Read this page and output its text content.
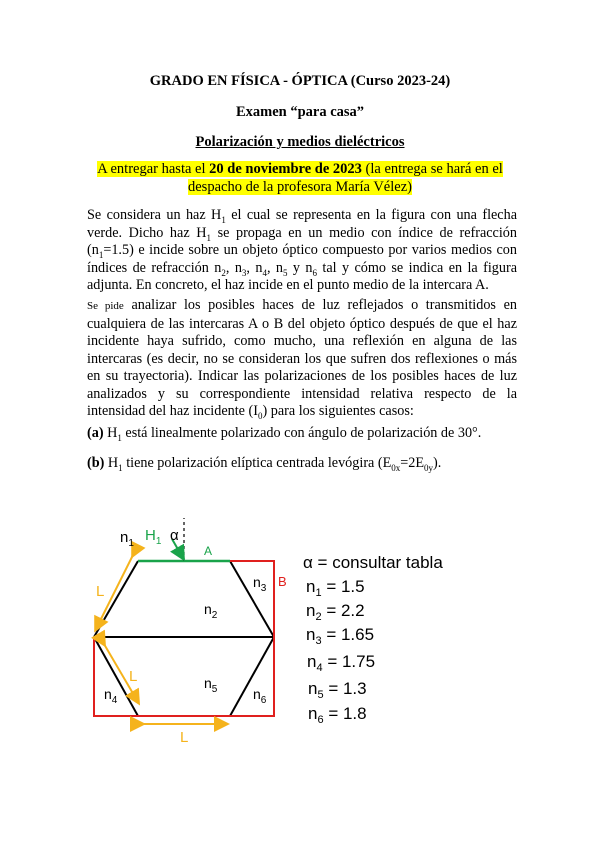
GRADO EN FÍSICA - ÓPTICA (Curso 2023-24)
Examen “para casa”
Polarización y medios dieléctricos
A entregar hasta el 20 de noviembre de 2023 (la entrega se hará en el
despacho de la profesora María Vélez)
Se considera un haz $H_1$ el cual se representa en la figura con una flecha verde. Dicho haz $H_1$ se propaga en un medio con índice de refracción $(n_1=1.5)$ e incide sobre un objeto óptico compuesto por varios medios con índices de refracción $n_2$, $n_3$, $n_4$, $n_5$ y $n_6$ tal y cómo se indica en la figura adjunta. En concreto, el haz incide en el punto medio de la intercara A.
Se pide analizar los posibles haces de luz reflejados o transmitidos en cualquiera de las intercaras A o B del objeto óptico después de que el haz incidente haya sufrido, como mucho, una reflexión en alguna de las intercaras (es decir, no se consideran los que sufren dos reflexiones o más en su trayectoria). Indicar las polarizaciones de los posibles haces de luz analizados y su correspondiente intensidad relativa respecto de la intensidad del haz incidente $(I_0)$ para los siguientes casos:
(a) $H_1$ está linealmente polarizado con ángulo de polarización de 30°.
(b) $H_1$ tiene polarización elíptica centrada levógira $(E_{0x}=2E_{0y})$.
$n_1$ $H_1$ α
A
B
$n_3$
$n_2$
$n_5$
$n_4$	$n_6$
L
L
L
α = consultar tabla
$n_1 = 1.5$
$n_2 = 2.2$
$n_3 = 1.65$
$n_4 = 1.75$
$n_5 = 1.3$
$n_6 = 1.8$
